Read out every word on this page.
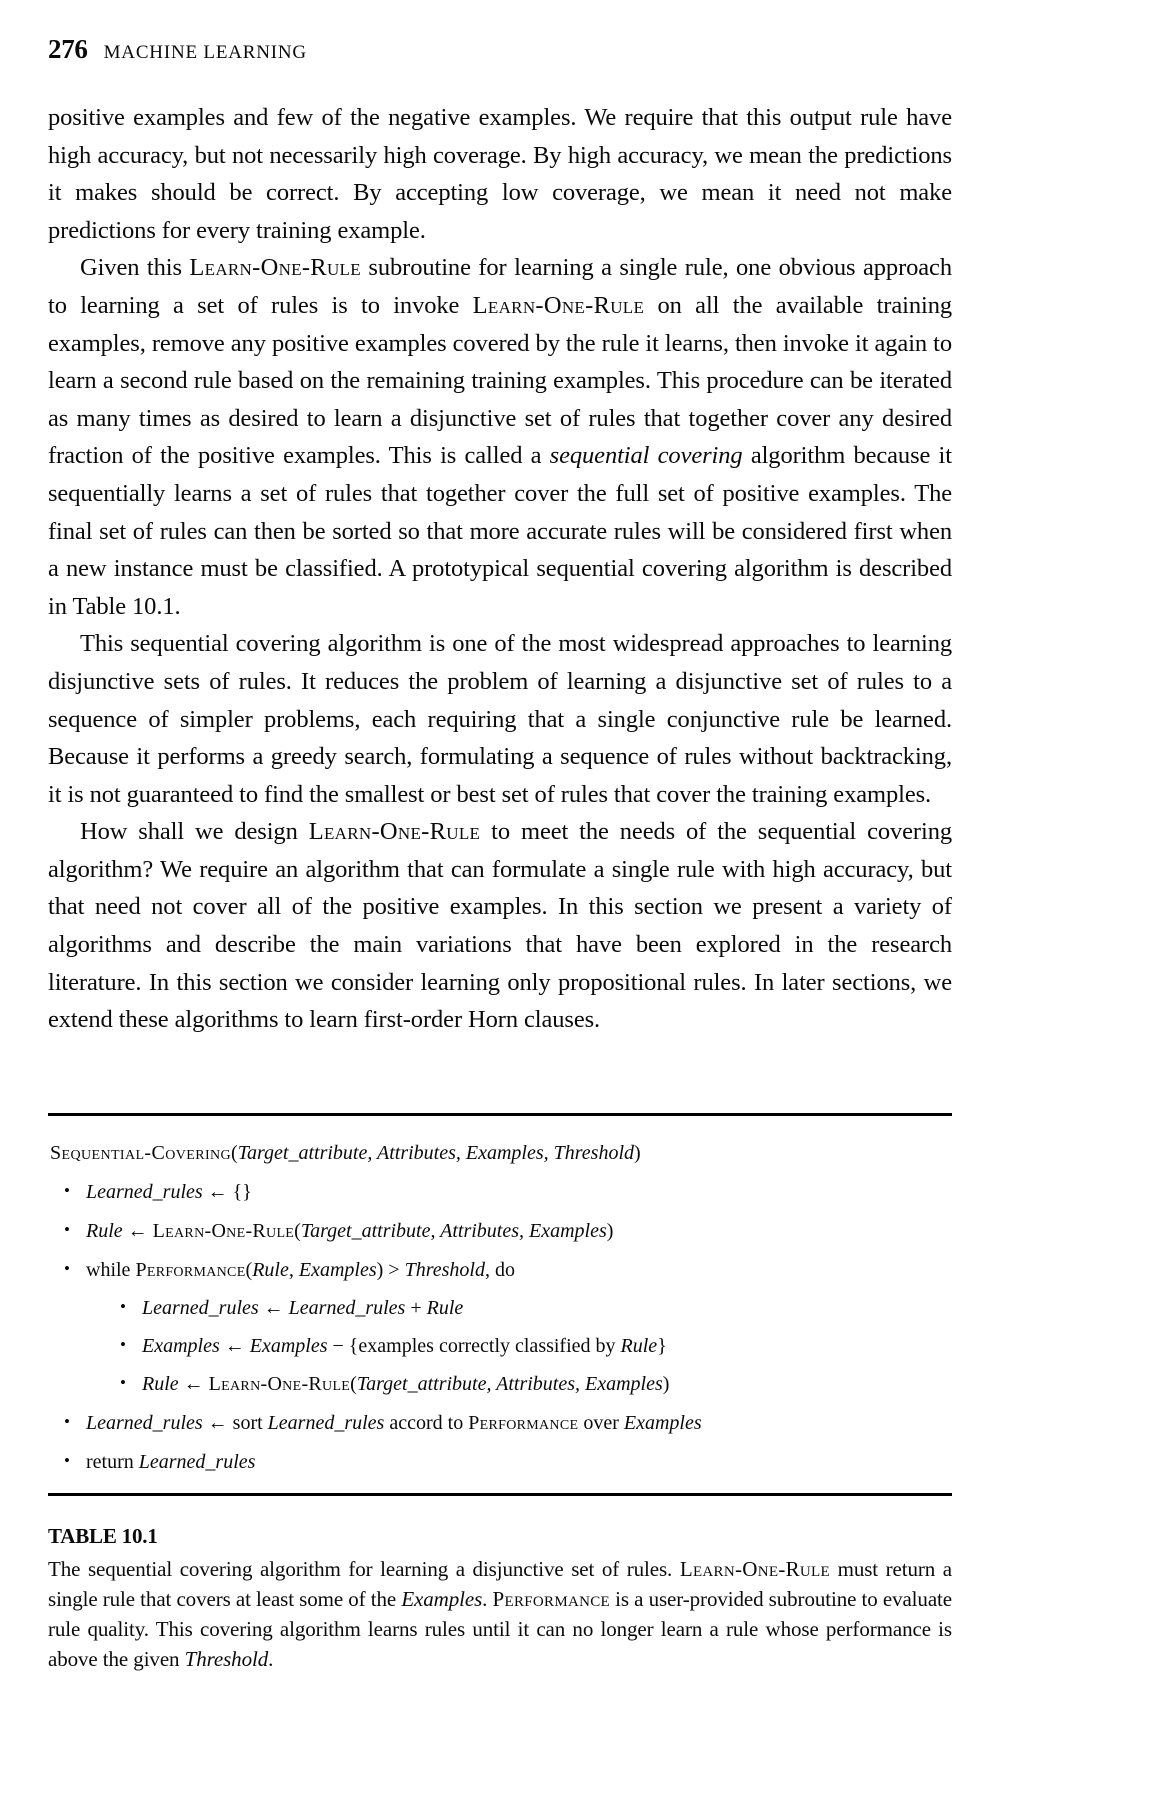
276 MACHINE LEARNING

positive examples and few of the negative examples. We require that this output rule have high accuracy, but not necessarily high coverage. By high accuracy, we mean the predictions it makes should be correct. By accepting low coverage, we mean it need not make predictions for every training example.

Given this Learn-One-Rule subroutine for learning a single rule, one obvious approach to learning a set of rules is to invoke Learn-One-Rule on all the available training examples, remove any positive examples covered by the rule it learns, then invoke it again to learn a second rule based on the remaining training examples. This procedure can be iterated as many times as desired to learn a disjunctive set of rules that together cover any desired fraction of the positive examples. This is called a sequential covering algorithm because it sequentially learns a set of rules that together cover the full set of positive examples. The final set of rules can then be sorted so that more accurate rules will be considered first when a new instance must be classified. A prototypical sequential covering algorithm is described in Table 10.1.

This sequential covering algorithm is one of the most widespread approaches to learning disjunctive sets of rules. It reduces the problem of learning a disjunctive set of rules to a sequence of simpler problems, each requiring that a single conjunctive rule be learned. Because it performs a greedy search, formulating a sequence of rules without backtracking, it is not guaranteed to find the smallest or best set of rules that cover the training examples.

How shall we design Learn-One-Rule to meet the needs of the sequential covering algorithm? We require an algorithm that can formulate a single rule with high accuracy, but that need not cover all of the positive examples. In this section we present a variety of algorithms and describe the main variations that have been explored in the research literature. In this section we consider learning only propositional rules. In later sections, we extend these algorithms to learn first-order Horn clauses.

Sequential-Covering(Target_attribute, Attributes, Examples, Threshold)

• Learned_rules ← {}
• Rule ← Learn-One-Rule(Target_attribute, Attributes, Examples)
• while Performance(Rule, Examples) > Threshold, do
• Learned_rules ← Learned_rules + Rule
• Examples ← Examples − {examples correctly classified by Rule}
• Rule ← Learn-One-Rule(Target_attribute, Attributes, Examples)
• Learned_rules ← sort Learned_rules accord to Performance over Examples
• return Learned_rules

TABLE 10.1

The sequential covering algorithm for learning a disjunctive set of rules. Learn-One-Rule must return a single rule that covers at least some of the Examples. Performance is a user-provided subroutine to evaluate rule quality. This covering algorithm learns rules until it can no longer learn a rule whose performance is above the given Threshold.
